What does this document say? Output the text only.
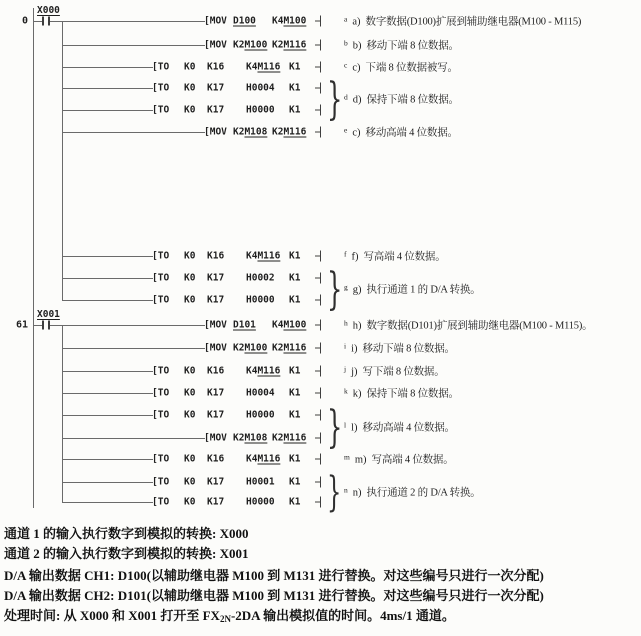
0
X000
[MOV D100 K4M100
[MOV K2M100 K2M116
[TO K0 K16 K4M116 K1
[TO K0 K17 H0004 K1
[TO K0 K17 H0000 K1
[MOV K2M108 K2M116
[TO K0 K16 K4M116 K1
[TO K0 K17 H0002 K1
[TO K0 K17 H0000 K1
61
X001
[MOV D101 K4M100
[MOV K2M100 K2M116
[TO K0 K16 K4M116 K1
[TO K0 K17 H0004 K1
[TO K0 K17 H0000 K1
[MOV K2M108 K2M116
[TO K0 K16 K4M116 K1
[TO K0 K17 H0001 K1
[TO K0 K17 H0000 K1
a a) 数字数据(D100)扩展到辅助继电器(M100 - M115)
b b) 移动下端 8 位数据。
c c) 下端 8 位数据被写。
} d d) 保持下端 8 位数据。
e c) 移动高端 4 位数据。
f f) 写高端 4 位数据。
} g g) 执行通道 1 的 D/A 转换。
h h) 数字数据(D101)扩展到辅助继电器(M100 - M115)。
i i) 移动下端 8 位数据。
j j) 写下端 8 位数据。
k k) 保持下端 8 位数据。
} l l) 移动高端 4 位数据。
m m) 写高端 4 位数据。
} n n) 执行通道 2 的 D/A 转换。
通道 1 的输入执行数字到模拟的转换: X000
通道 2 的输入执行数字到模拟的转换: X001
D/A 输出数据 CH1: D100(以辅助继电器 M100 到 M131 进行替换。对这些编号只进行一次分配)
D/A 输出数据 CH2: D101(以辅助继电器 M100 到 M131 进行替换。对这些编号只进行一次分配)
处理时间: 从 X000 和 X001 打开至 $FX_{2N}-2DA$ 输出模拟值的时间。4ms/1 通道。
